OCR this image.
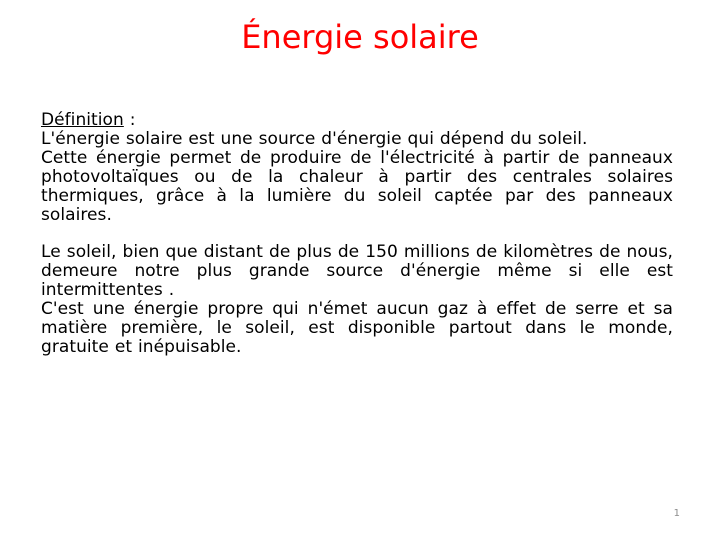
Énergie solaire

Définition :

L'énergie solaire est une source d'énergie qui dépend du soleil.

Cette énergie permet de produire de l'électricité à partir de panneaux photovoltaïques ou de la chaleur à partir des centrales solaires thermiques, grâce à la lumière du soleil captée par des panneaux solaires.

Le soleil, bien que distant de plus de 150 millions de kilomètres de nous, demeure notre plus grande source d'énergie même si elle est intermittentes .

C'est une énergie propre qui n'émet aucun gaz à effet de serre et sa matière première, le soleil, est disponible partout dans le monde, gratuite et inépuisable.

1
